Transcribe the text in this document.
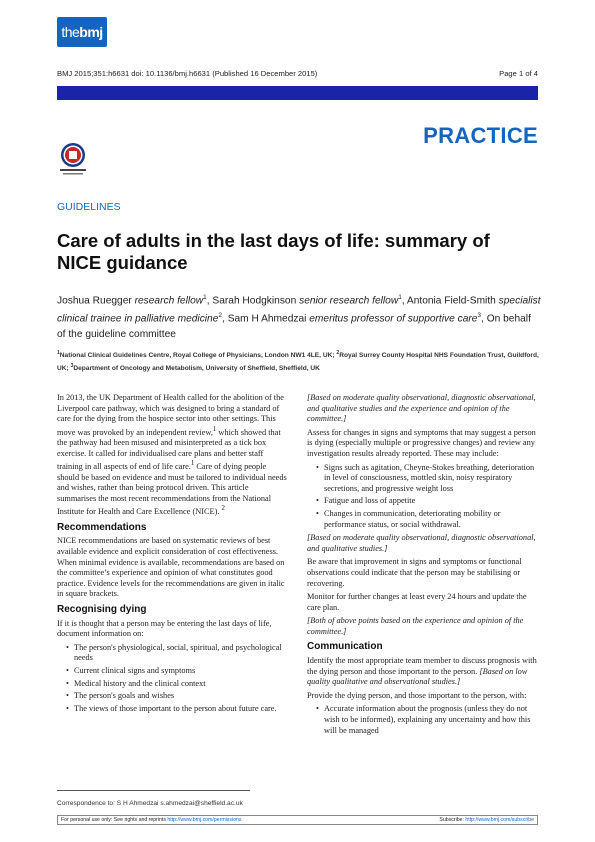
thebmj
BMJ 2015;351:h6631 doi: 10.1136/bmj.h6631 (Published 16 December 2015)	Page 1 of 4
PRACTICE
GUIDELINES
Care of adults in the last days of life: summary of NICE guidance
Joshua Ruegger research fellow$^1$, Sarah Hodgkinson senior research fellow$^1$, Antonia Field-Smith specialist clinical trainee in palliative medicine$^2$, Sam H Ahmedzai emeritus professor of supportive care$^3$, On behalf of the guideline committee
$^1$National Clinical Guidelines Centre, Royal College of Physicians, London NW1 4LE, UK; $^2$Royal Surrey County Hospital NHS Foundation Trust, Guildford, UK; $^3$Department of Oncology and Metabolism, University of Sheffield, Sheffield, UK

In 2013, the UK Department of Health called for the abolition of the Liverpool care pathway, which was designed to bring a standard of care for the dying from the hospice sector into other settings. This move was provoked by an independent review,$^1$ which showed that the pathway had been misused and misinterpreted as a tick box exercise. It called for individualised care plans and better staff training in all aspects of end of life care.$^1$ Care of dying people should be based on evidence and must be tailored to individual needs and wishes, rather than being protocol driven. This article summarises the most recent recommendations from the National Institute for Health and Care Excellence (NICE). $^2$

Recommendations

NICE recommendations are based on systematic reviews of best available evidence and explicit consideration of cost effectiveness. When minimal evidence is available, recommendations are based on the committee’s experience and opinion of what constitutes good practice. Evidence levels for the recommendations are given in italic in square brackets.

Recognising dying

If it is thought that a person may be entering the last days of life, document information on:

• The person's physiological, social, spiritual, and psychological needs
• Current clinical signs and symptoms
• Medical history and the clinical context
• The person's goals and wishes
• The views of those important to the person about future care.

[Based on moderate quality observational, diagnostic observational, and qualitative studies and the experience and opinion of the committee.]

Assess for changes in signs and symptoms that may suggest a person is dying (especially multiple or progressive changes) and review any investigation results already reported. These may include:

• Signs such as agitation, Cheyne-Stokes breathing, deterioration in level of consciousness, mottled skin, noisy respiratory secretions, and progressive weight loss
• Fatigue and loss of appetite
• Changes in communication, deteriorating mobility or performance status, or social withdrawal.

[Based on moderate quality observational, diagnostic observational, and qualitative studies.]

Be aware that improvement in signs and symptoms or functional observations could indicate that the person may be stabilising or recovering.

Monitor for further changes at least every 24 hours and update the care plan.

[Both of above points based on the experience and opinion of the committee.]

Communication

Identify the most appropriate team member to discuss prognosis with the dying person and those important to the person. [Based on low quality qualitative and observational studies.]

Provide the dying person, and those important to the person, with:

• Accurate information about the prognosis (unless they do not wish to be informed), explaining any uncertainty and how this will be managed
Correspondence to: S H Ahmedzai s.ahmedzai@sheffield.ac.uk
For personal use only: See rights and reprints http://www.bmj.com/permissions	Subscribe: http://www.bmj.com/subscribe
